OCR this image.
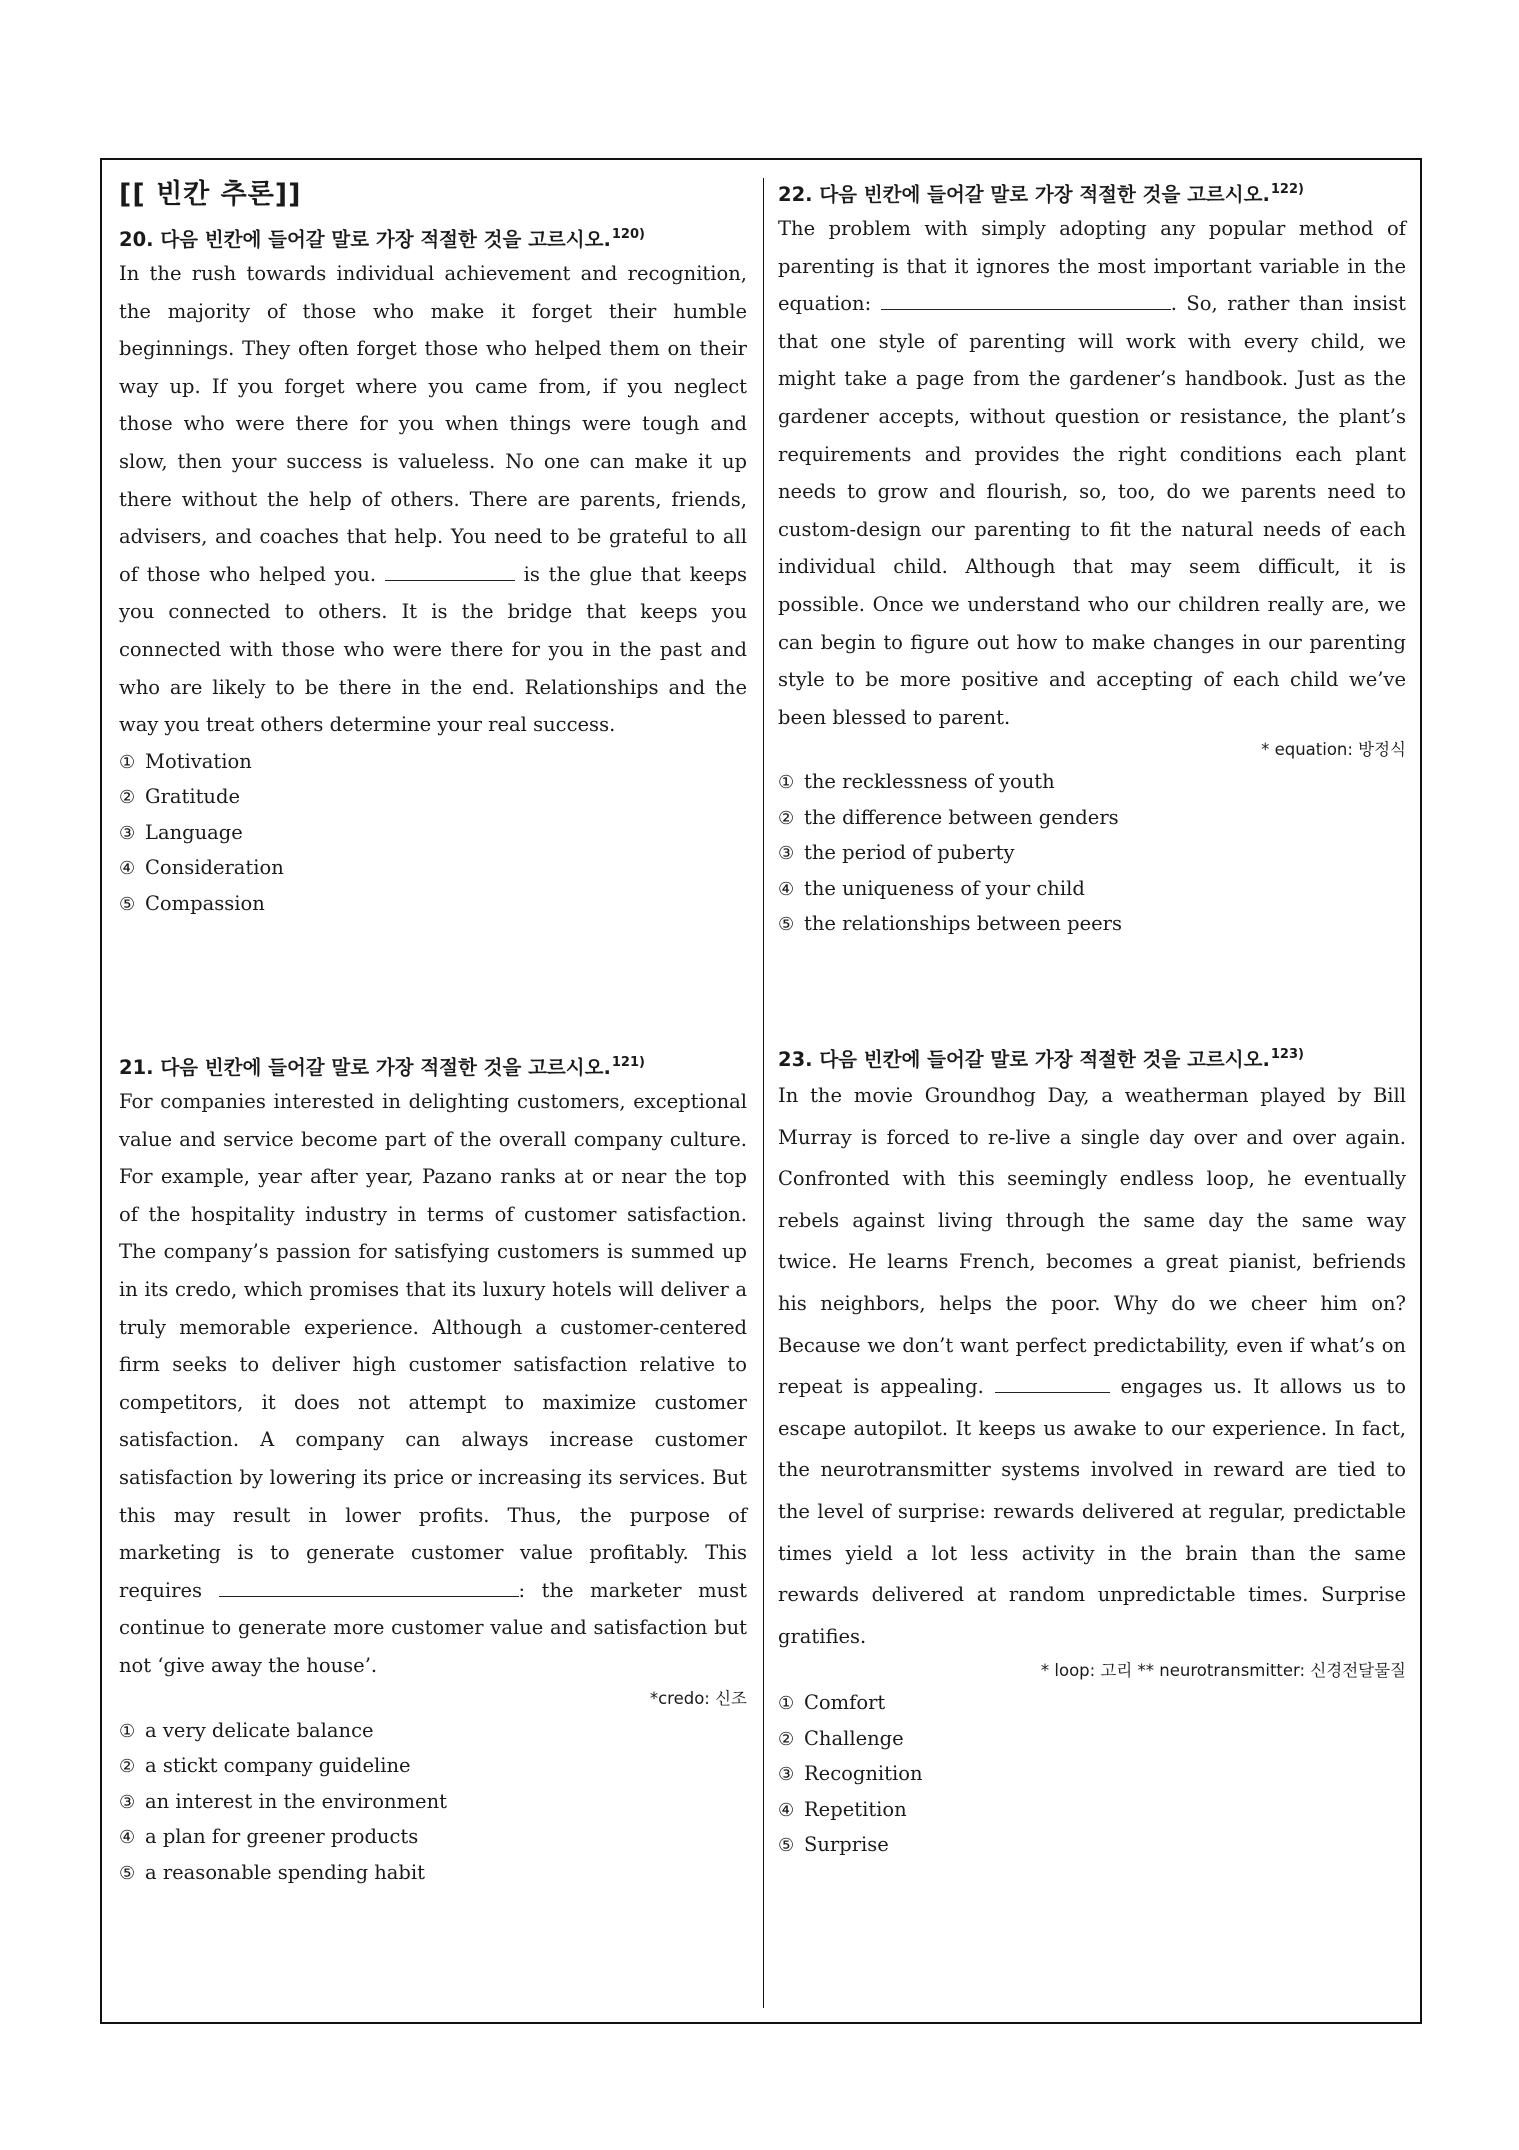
[[ 빈칸 추론]]
20. 다음 빈칸에 들어갈 말로 가장 적절한 것을 고르시오.$^{120)}$

In the rush towards individual achievement and recognition, the majority of those who make it forget their humble beginnings. They often forget those who helped them on their way up. If you forget where you came from, if you neglect those who were there for you when things were tough and slow, then your success is valueless. No one can make it up there without the help of others. There are parents, friends, advisers, and coaches that help. You need to be grateful to all of those who helped you.	is the glue that keeps you connected to others. It is the bridge that keeps you connected with those who were there for you in the past and who are likely to be there in the end. Relationships and the way you treat others determine your real success.

① Motivation
② Gratitude
③ Language
④ Consideration
⑤ Compassion
21. 다음 빈칸에 들어갈 말로 가장 적절한 것을 고르시오.$^{121)}$

For companies interested in delighting customers, exceptional value and service become part of the overall company culture. For example, year after year, Pazano ranks at or near the top of the hospitality industry in terms of customer satisfaction. The company’s passion for satisfying customers is summed up in its credo, which promises that its luxury hotels will deliver a truly memorable experience. Although a customer-centered firm seeks to deliver high customer satisfaction relative to competitors, it does not attempt to maximize customer satisfaction. A company can always increase customer satisfaction by lowering its price or increasing its services. But this may result in lower profits. Thus, the purpose of marketing is to generate customer value profitably. This requires	: the marketer must continue to generate more customer value and satisfaction but not ‘give away the house’.

*credo: 신조

① a very delicate balance
② a stickt company guideline
③ an interest in the environment
④ a plan for greener products
⑤ a reasonable spending habit
22. 다음 빈칸에 들어갈 말로 가장 적절한 것을 고르시오.$^{122)}$

The problem with simply adopting any popular method of parenting is that it ignores the most important variable in the equation:	. So, rather than insist that one style of parenting will work with every child, we might take a page from the gardener’s handbook. Just as the gardener accepts, without question or resistance, the plant’s requirements and provides the right conditions each plant needs to grow and flourish, so, too, do we parents need to custom-design our parenting to fit the natural needs of each individual child. Although that may seem difficult, it is possible. Once we understand who our children really are, we can begin to figure out how to make changes in our parenting style to be more positive and accepting of each child we’ve been blessed to parent.

* equation: 방정식

① the recklessness of youth
② the difference between genders
③ the period of puberty
④ the uniqueness of your child
⑤ the relationships between peers
23. 다음 빈칸에 들어갈 말로 가장 적절한 것을 고르시오.$^{123)}$

In the movie Groundhog Day, a weatherman played by Bill Murray is forced to re-live a single day over and over again. Confronted with this seemingly endless loop, he eventually rebels against living through the same day the same way twice. He learns French, becomes a great pianist, befriends his neighbors, helps the poor. Why do we cheer him on? Because we don’t want perfect predictability, even if what’s on repeat is appealing.	engages us. It allows us to escape autopilot. It keeps us awake to our experience. In fact, the neurotransmitter systems involved in reward are tied to the level of surprise: rewards delivered at regular, predictable times yield a lot less activity in the brain than the same rewards delivered at random unpredictable times. Surprise gratifies.

* loop: 고리 ** neurotransmitter: 신경전달물질

① Comfort
② Challenge
③ Recognition
④ Repetition
⑤ Surprise
